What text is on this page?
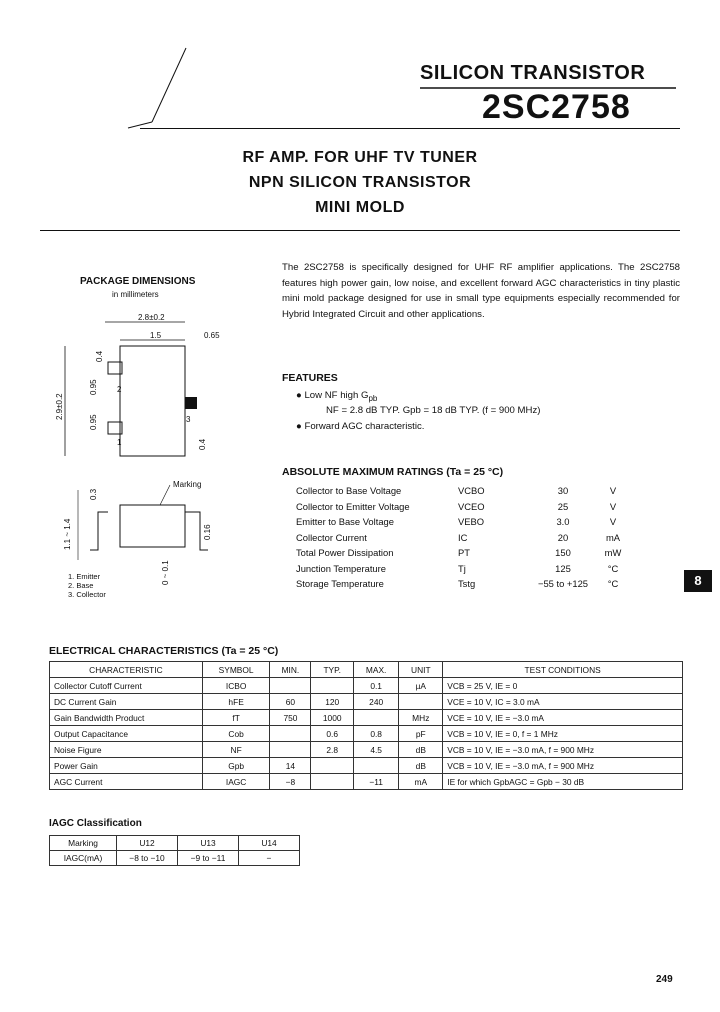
SILICON TRANSISTOR
2SC2758
RF AMP. FOR UHF TV TUNER
NPN SILICON TRANSISTOR
MINI MOLD
PACKAGE DIMENSIONS
in millimeters
2.8±0.2
1.5	0.65
2
1
3
2.9±0.2
0.95
0.95
0.4
0.4
Marking
1.1 ~ 1.4
0.3
0.16
0 ~ 0.1
1. Emitter
2. Base
3. Collector
The 2SC2758 is specifically designed for UHF RF amplifier applications. The 2SC2758 features high power gain, low noise, and excellent forward AGC characteristics in tiny plastic mini mold package designed for use in small type equipments especially recommended for Hybrid Integrated Circuit and other applications.
FEATURES
● Low NF high $G_{pb}$
NF = 2.8 dB TYP. Gpb = 18 dB TYP. (f = 900 MHz)
● Forward AGC characteristic.
ABSOLUTE MAXIMUM RATINGS (Ta = 25 °C)
Collector to Base Voltage	VCBO	30	V
Collector to Emitter Voltage	VCEO	25	V
Emitter to Base Voltage	VEBO	3.0	V
Collector Current	IC	20	mA
Total Power Dissipation	PT	150	mW
Junction Temperature	Tj	125	°C
Storage Temperature	Tstg	−55 to +125	°C	8
ELECTRICAL CHARACTERISTICS (Ta = 25 °C)
CHARACTERISTIC	SYMBOL	MIN.	TYP.	MAX.	UNIT	TEST CONDITIONS
Collector Cutoff Current	ICBO			0.1	µA	VCB = 25 V, IE = 0
DC Current Gain	hFE	60	120	240		VCE = 10 V, IC = 3.0 mA
Gain Bandwidth Product	fT	750	1000		MHz	VCE = 10 V, IE = −3.0 mA
Output Capacitance	Cob		0.6	0.8	pF	VCB = 10 V, IE = 0, f = 1 MHz
Noise Figure	NF		2.8	4.5	dB	VCB = 10 V, IE = −3.0 mA, f = 900 MHz
Power Gain	Gpb	14			dB	VCB = 10 V, IE = −3.0 mA, f = 900 MHz
AGC Current	IAGC	−8		−11	mA	IE for which GpbAGC = Gpb − 30 dB
IAGC Classification
Marking	U12	U13	U14
IAGC(mA)	−8 to −10	−9 to −11	−
249
